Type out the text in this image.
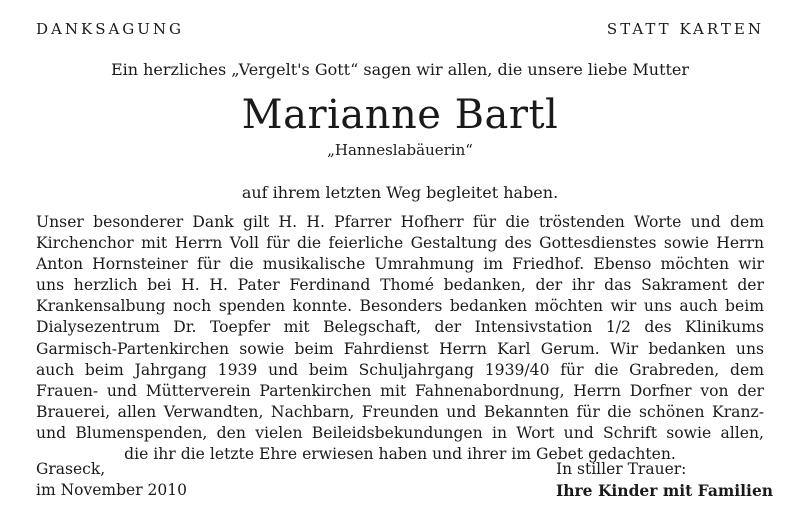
DANKSAGUNG	STATT KARTEN
Ein herzliches „Vergelt's Gott“ sagen wir allen, die unsere liebe Mutter
Marianne Bartl
„Hanneslabäuerin“
auf ihrem letzten Weg begleitet haben.
Unser besonderer Dank gilt H. H. Pfarrer Hofherr für die tröstenden Worte und dem
Kirchenchor mit Herrn Voll für die feierliche Gestaltung des Gottesdienstes sowie Herrn
Anton Hornsteiner für die musikalische Umrahmung im Friedhof. Ebenso möchten wir
uns herzlich bei H. H. Pater Ferdinand Thomé bedanken, der ihr das Sakrament der
Krankensalbung noch spenden konnte. Besonders bedanken möchten wir uns auch beim
Dialysezentrum Dr. Toepfer mit Belegschaft, der Intensivstation 1/2 des Klinikums
Garmisch-Partenkirchen sowie beim Fahrdienst Herrn Karl Gerum. Wir bedanken uns
auch beim Jahrgang 1939 und beim Schuljahrgang 1939/40 für die Grabreden, dem
Frauen- und Mütterverein Partenkirchen mit Fahnenabordnung, Herrn Dorfner von der
Brauerei, allen Verwandten, Nachbarn, Freunden und Bekannten für die schönen Kranz-
und Blumenspenden, den vielen Beileidsbekundungen in Wort und Schrift sowie allen,
die ihr die letzte Ehre erwiesen haben und ihrer im Gebet gedachten.
Graseck,
im November 2010
In stiller Trauer:
Ihre Kinder mit Familien
